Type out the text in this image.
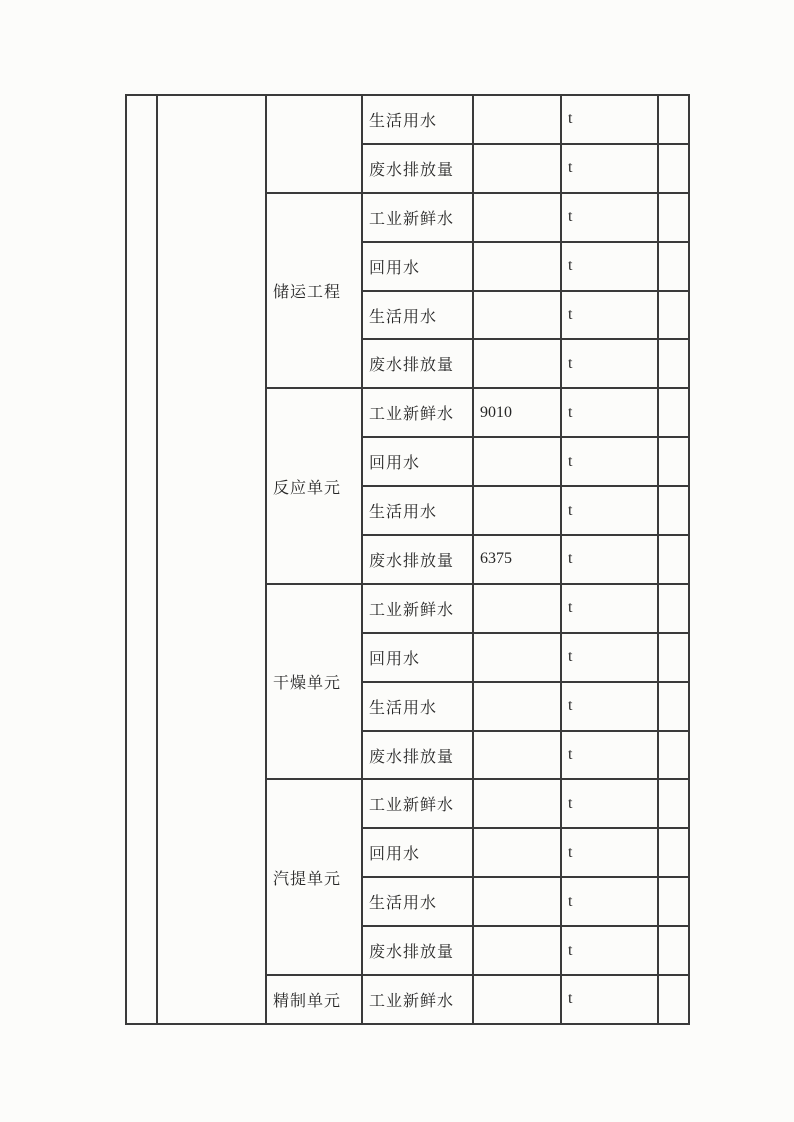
			生活用水		t	
			废水排放量		t	
		储运工程	工业新鲜水		t	
			回用水		t	
			生活用水		t	
			废水排放量		t	
		反应单元	工业新鲜水	9010	t	
			回用水		t	
			生活用水		t	
			废水排放量	6375	t	
		干燥单元	工业新鲜水		t	
			回用水		t	
			生活用水		t	
			废水排放量		t	
		汽提单元	工业新鲜水		t	
			回用水		t	
			生活用水		t	
			废水排放量		t	
		精制单元	工业新鲜水		t	
